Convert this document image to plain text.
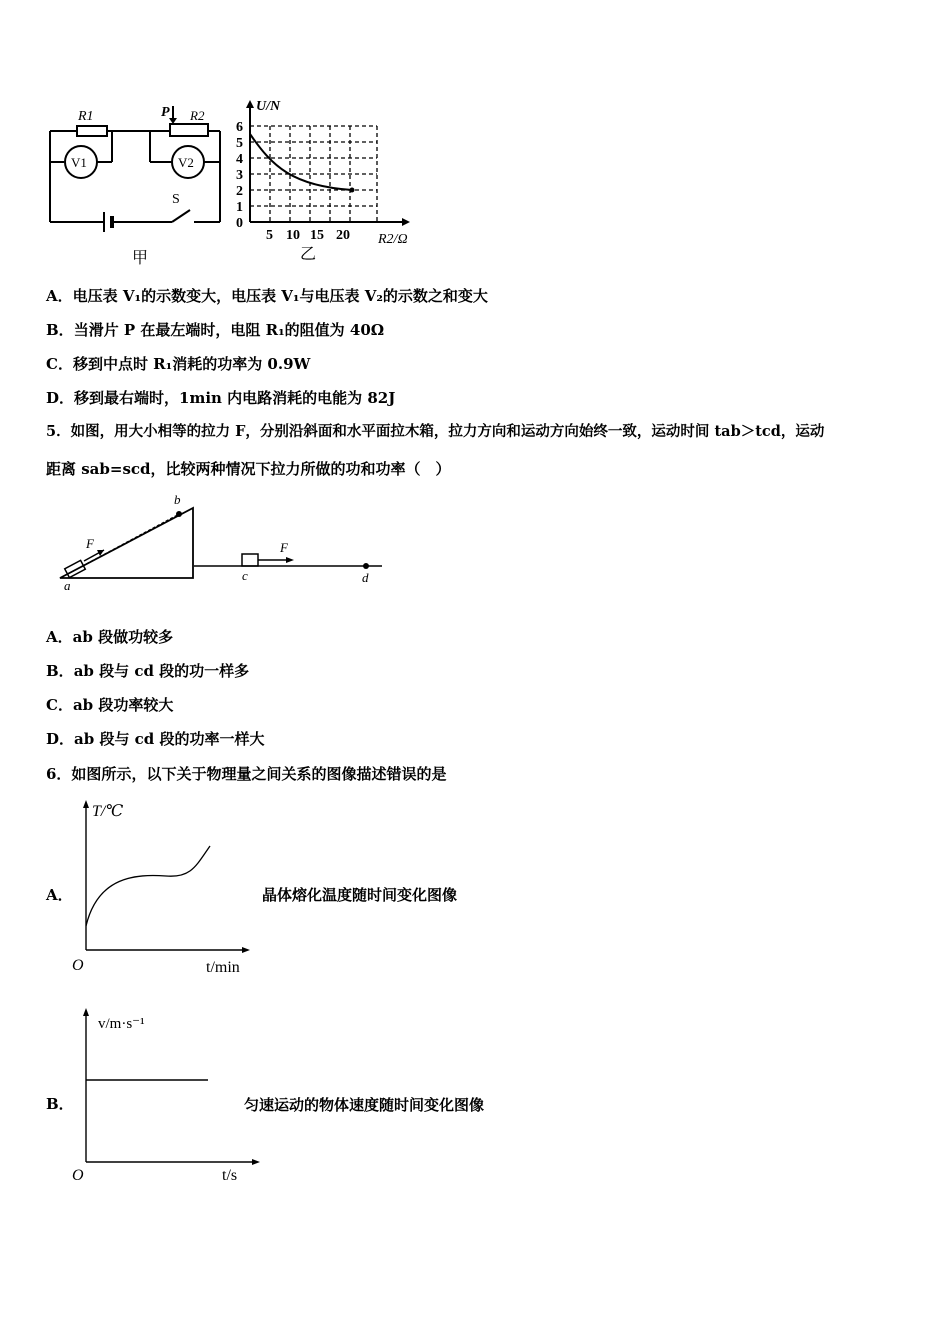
R1	R2
P
V1	V2
S
甲
U/N
0
1
2
3
4
5
6
5 10 15 20 R2/Ω
乙
A．电压表 V₁的示数变大，电压表 V₁与电压表 V₂的示数之和变大
B．当滑片 P 在最左端时，电阻 R₁的阻值为 40Ω
C．移到中点时 R₁消耗的功率为 0.9W
D．移到最右端时，1min 内电路消耗的电能为 82J
5．如图，用大小相等的拉力 F，分别沿斜面和水平面拉木箱，拉力方向和运动方向始终一致，运动时间 tab＞tcd，运动
距离 sab=scd，比较两种情况下拉力所做的功和功率（　）
b
a
F	F
c	d
A．ab 段做功较多
B．ab 段与 cd 段的功一样多
C．ab 段功率较大
D．ab 段与 cd 段的功率一样大
6．如图所示，以下关于物理量之间关系的图像描述错误的是
A．
T/℃
O	t/min
晶体熔化温度随时间变化图像
B．
v/m·s⁻¹
O	t/s
匀速运动的物体速度随时间变化图像
